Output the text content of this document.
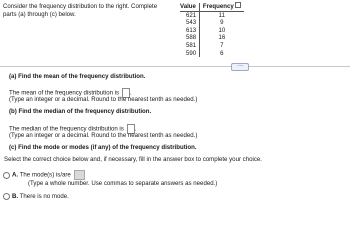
Consider the frequency distribution to the right. Complete parts (a) through (c) below.
Value	Frequency
621	11
543	9
613	10
588	16
581	7
590	6
·····
(a) Find the mean of the frequency distribution.
The mean of the frequency distribution is .
(Type an integer or a decimal. Round to the nearest tenth as needed.)
(b) Find the median of the frequency distribution.
The median of the frequency distribution is .
(Type an integer or a decimal. Round to the nearest tenth as needed.)
(c) Find the mode or modes (if any) of the frequency distribution.
Select the correct choice below and, if necessary, fill in the answer box to complete your choice.
A. The mode(s) is/are
(Type a whole number. Use commas to separate answers as needed.)
B. There is no mode.
